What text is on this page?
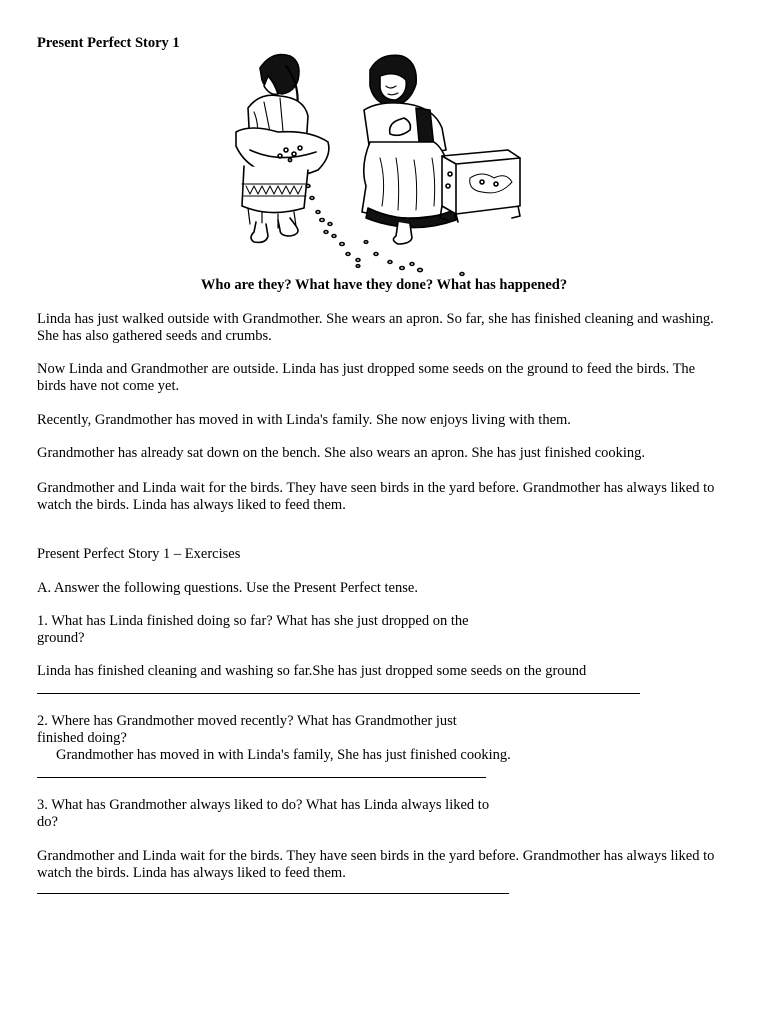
Present Perfect Story 1
Who are they? What have they done? What has happened?

Linda has just walked outside with Grandmother. She wears an apron. So far, she has finished cleaning and washing. She has also gathered seeds and crumbs.

Now Linda and Grandmother are outside. Linda has just dropped some seeds on the ground to feed the birds. The birds have not come yet.

Recently, Grandmother has moved in with Linda's family. She now enjoys living with them.

Grandmother has already sat down on the bench. She also wears an apron. She has just finished cooking.

Grandmother and Linda wait for the birds. They have seen birds in the yard before. Grandmother has always liked to watch the birds. Linda has always liked to feed them.

Present Perfect Story 1 – Exercises

A. Answer the following questions. Use the Present Perfect tense.

1. What has Linda finished doing so far? What has she just dropped on the ground?

Linda has finished cleaning and washing so far.She has just dropped some seeds on the ground

2. Where has Grandmother moved recently? What has Grandmother just finished doing?

Grandmother has moved in with Linda's family, She has just finished cooking.

3. What has Grandmother always liked to do? What has Linda always liked to do?

Grandmother and Linda wait for the birds. They have seen birds in the yard before. Grandmother has always liked to watch the birds. Linda has always liked to feed them.
